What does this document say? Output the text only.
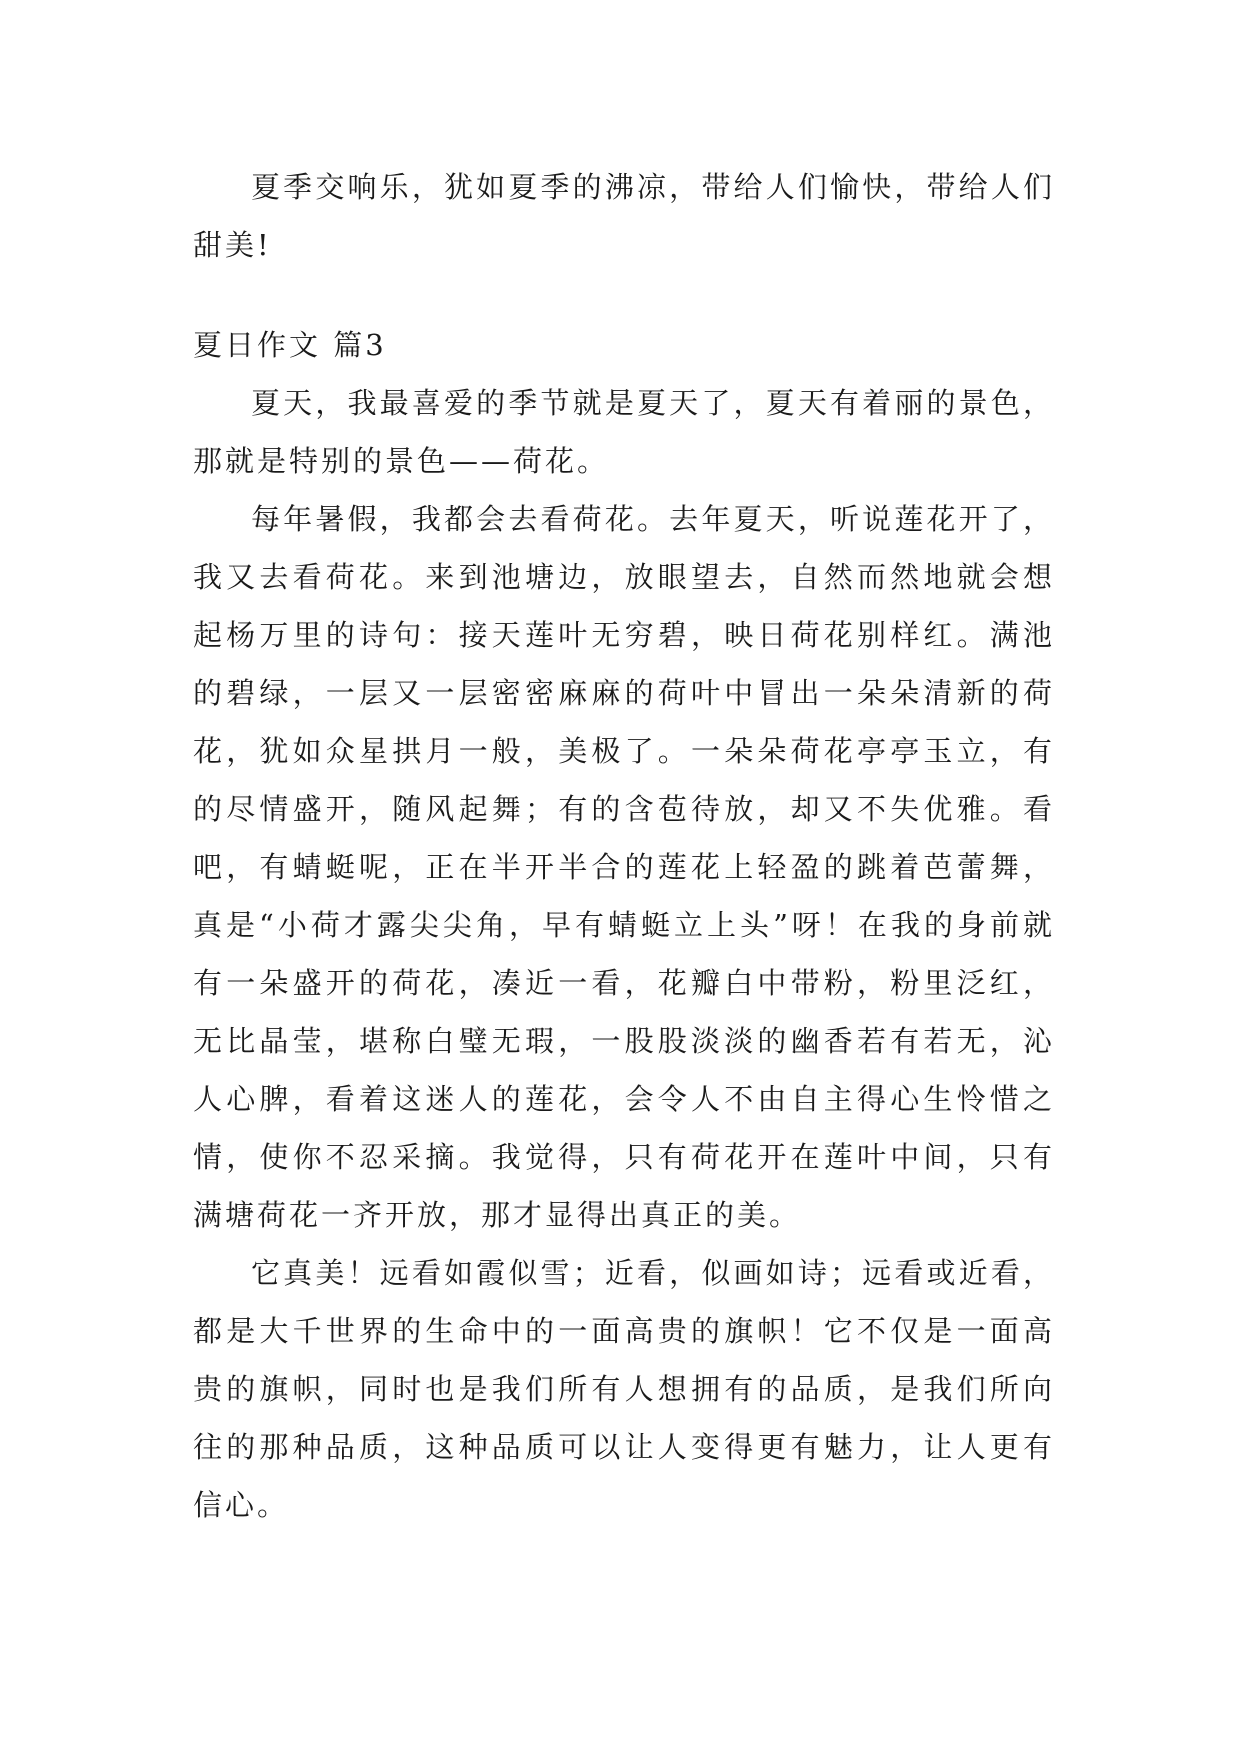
夏季交响乐，犹如夏季的沸凉，带给人们愉快，带给人们甜美!

夏日作文 篇3

夏天，我最喜爱的季节就是夏天了，夏天有着丽的景色，那就是特别的景色——荷花。

每年暑假，我都会去看荷花。去年夏天，听说莲花开了，我又去看荷花。来到池塘边，放眼望去，自然而然地就会想起杨万里的诗句：接天莲叶无穷碧，映日荷花别样红。满池的碧绿，一层又一层密密麻麻的荷叶中冒出一朵朵清新的荷花，犹如众星拱月一般，美极了。一朵朵荷花亭亭玉立，有的尽情盛开，随风起舞；有的含苞待放，却又不失优雅。看吧，有蜻蜓呢，正在半开半合的莲花上轻盈的跳着芭蕾舞，真是“小荷才露尖尖角，早有蜻蜓立上头”呀！在我的身前就有一朵盛开的荷花，凑近一看，花瓣白中带粉，粉里泛红，无比晶莹，堪称白璧无瑕，一股股淡淡的幽香若有若无，沁人心脾，看着这迷人的莲花，会令人不由自主得心生怜惜之情，使你不忍采摘。我觉得，只有荷花开在莲叶中间，只有满塘荷花一齐开放，那才显得出真正的美。

它真美！远看如霞似雪；近看，似画如诗；远看或近看，都是大千世界的生命中的一面高贵的旗帜！它不仅是一面高贵的旗帜，同时也是我们所有人想拥有的品质，是我们所向往的那种品质，这种品质可以让人变得更有魅力，让人更有信心。
